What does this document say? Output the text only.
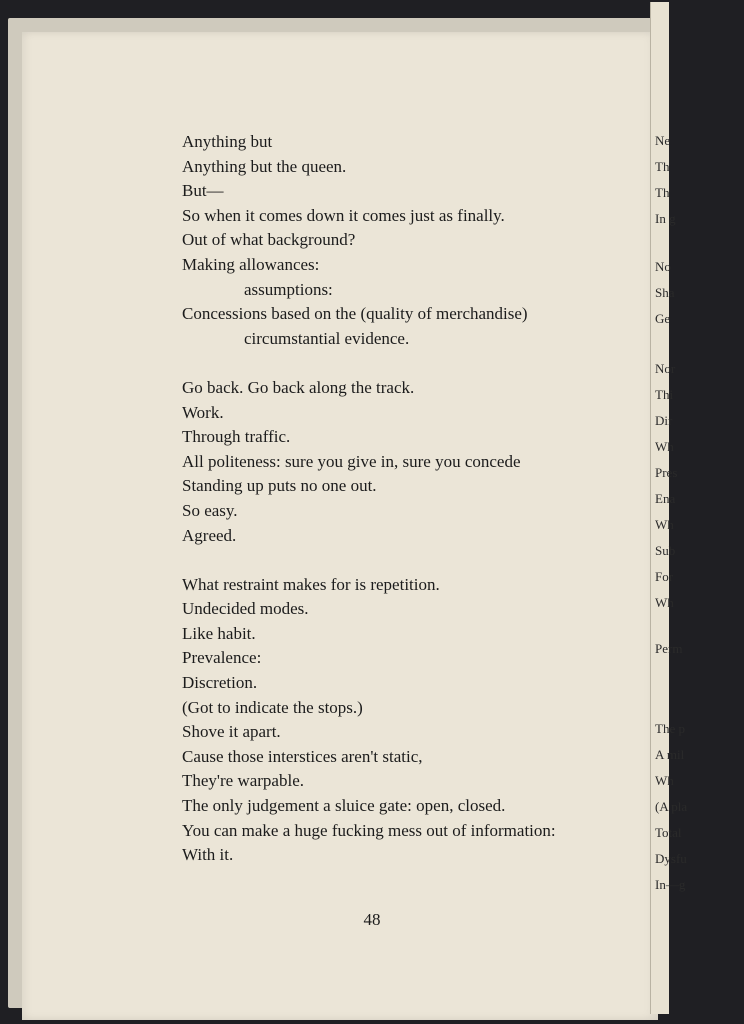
Ne
Th
Th
In g
No
Sha
Ge
Nor
Thi
Dir
Wh
Pres
Ena
Wh
Sub
For
Wh
Perm
The p
A mil
Wh
(A pla
Total
Dysfu
In—g
Anything but
Anything but the queen.
But—
So when it comes down it comes just as finally.
Out of what background?
Making allowances:
assumptions:
Concessions based on the (quality of merchandise)
circumstantial evidence.
Go back. Go back along the track.
Work.
Through traffic.
All politeness: sure you give in, sure you concede
Standing up puts no one out.
So easy.
Agreed.
What restraint makes for is repetition.
Undecided modes.
Like habit.
Prevalence:
Discretion.
(Got to indicate the stops.)
Shove it apart.
Cause those interstices aren't static,
They're warpable.
The only judgement a sluice gate: open, closed.
You can make a huge fucking mess out of information:
With it.
48
